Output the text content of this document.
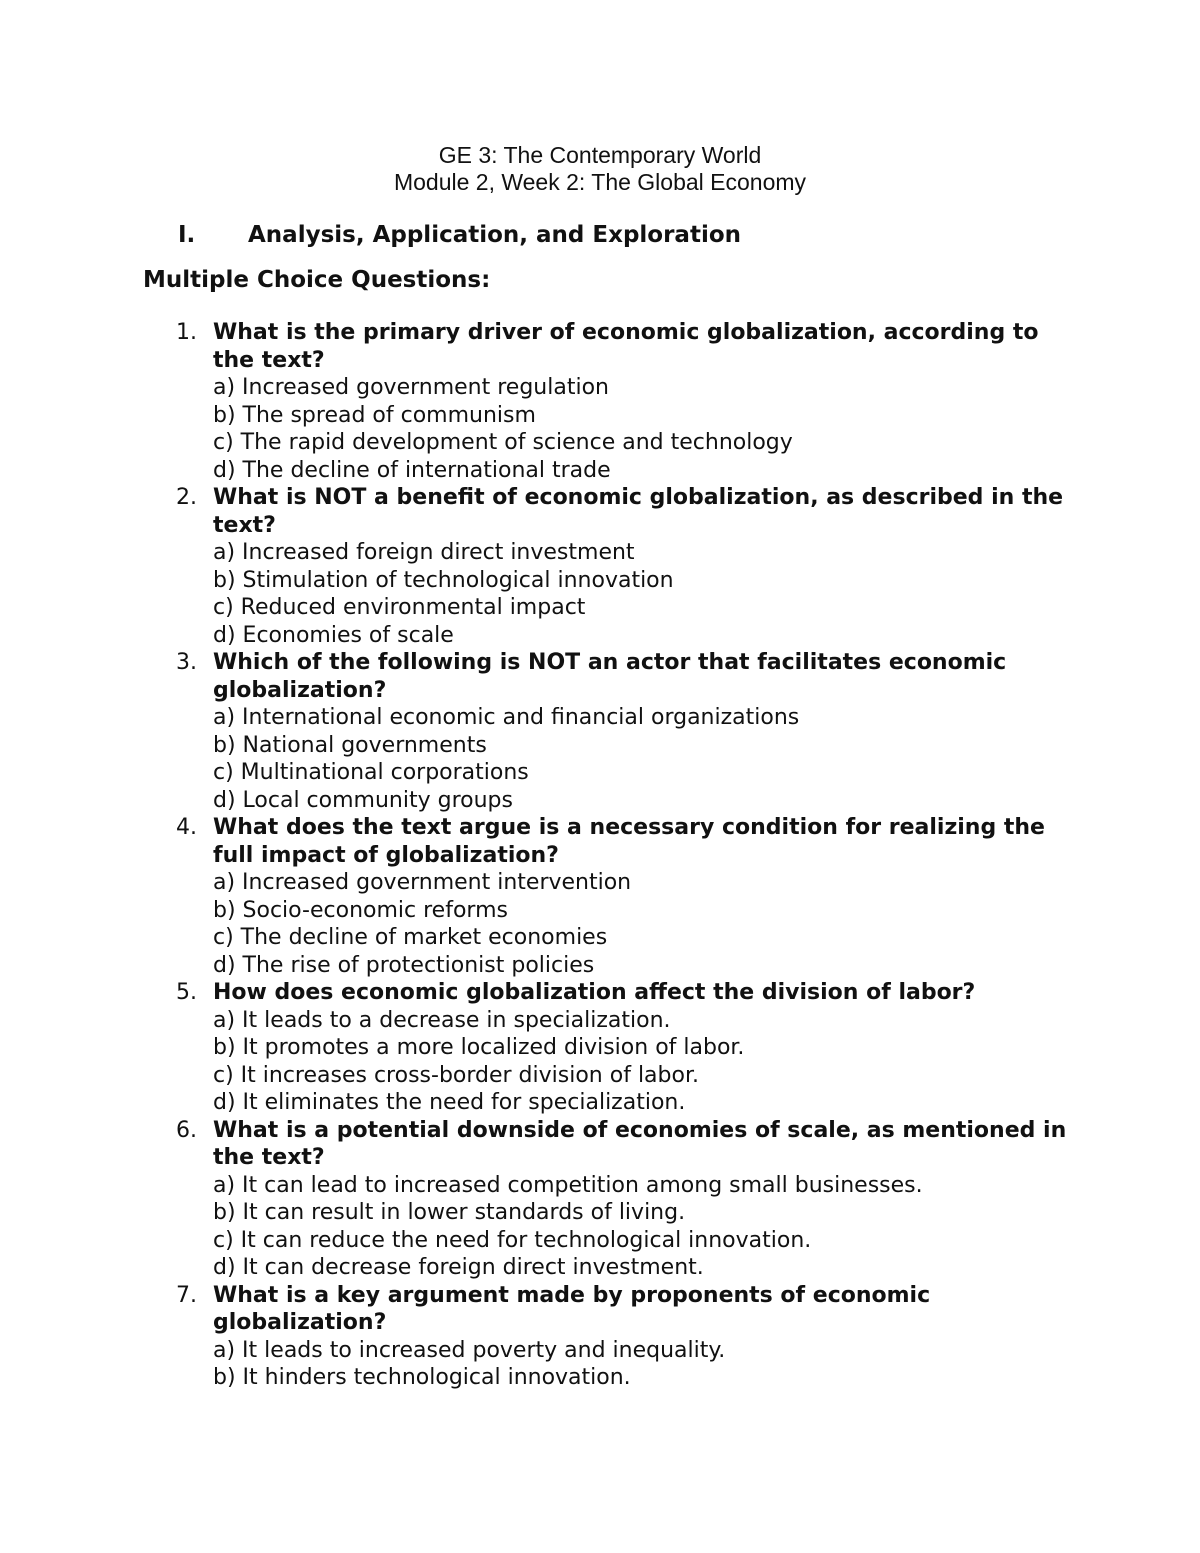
GE 3: The Contemporary World
Module 2, Week 2: The Global Economy
I. Analysis, Application, and Exploration
Multiple Choice Questions:
1. What is the primary driver of economic globalization, according to the text?
a) Increased government regulation
b) The spread of communism
c) The rapid development of science and technology
d) The decline of international trade
2. What is NOT a benefit of economic globalization, as described in the text?
a) Increased foreign direct investment
b) Stimulation of technological innovation
c) Reduced environmental impact
d) Economies of scale
3. Which of the following is NOT an actor that facilitates economic globalization?
a) International economic and financial organizations
b) National governments
c) Multinational corporations
d) Local community groups
4. What does the text argue is a necessary condition for realizing the full impact of globalization?
a) Increased government intervention
b) Socio-economic reforms
c) The decline of market economies
d) The rise of protectionist policies
5. How does economic globalization affect the division of labor?
a) It leads to a decrease in specialization.
b) It promotes a more localized division of labor.
c) It increases cross-border division of labor.
d) It eliminates the need for specialization.
6. What is a potential downside of economies of scale, as mentioned in the text?
a) It can lead to increased competition among small businesses.
b) It can result in lower standards of living.
c) It can reduce the need for technological innovation.
d) It can decrease foreign direct investment.
7. What is a key argument made by proponents of economic globalization?
a) It leads to increased poverty and inequality.
b) It hinders technological innovation.
